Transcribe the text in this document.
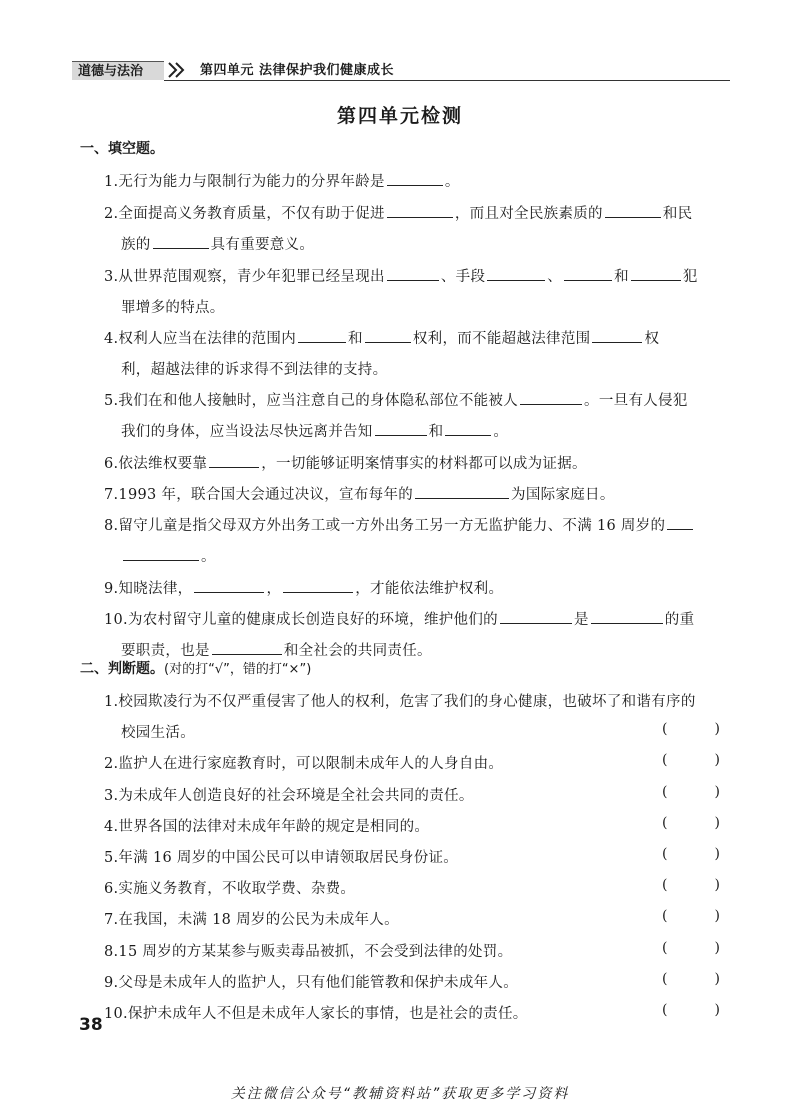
道德与法治	第四单元 法律保护我们健康成长
第四单元检测
一、填空题。
1.无行为能力与限制行为能力的分界年龄是	。
2.全面提高义务教育质量，不仅有助于促进	，而且对全民族素质的	和民
族的	具有重要意义。
3.从世界范围观察，青少年犯罪已经呈现出	、手段	、	和	犯
罪增多的特点。
4.权利人应当在法律的范围内	和	权利，而不能超越法律范围	权
利，超越法律的诉求得不到法律的支持。
5.我们在和他人接触时，应当注意自己的身体隐私部位不能被人	。一旦有人侵犯
我们的身体，应当设法尽快远离并告知	和	。
6.依法维权要靠	，一切能够证明案情事实的材料都可以成为证据。
7.1993 年，联合国大会通过决议，宣布每年的	为国际家庭日。
8.留守儿童是指父母双方外出务工或一方外出务工另一方无监护能力、不满 16 周岁的
。
9.知晓法律，	，	，才能依法维护权利。
10.为农村留守儿童的健康成长创造良好的环境，维护他们的	是	的重
要职责，也是	和全社会的共同责任。
二、判断题。(对的打“√”，错的打“×”)
1.校园欺凌行为不仅严重侵害了他人的权利，危害了我们的身心健康，也破坏了和谐有序的
校园生活。	(	)
2.监护人在进行家庭教育时，可以限制未成年人的人身自由。	(	)
3.为未成年人创造良好的社会环境是全社会共同的责任。	(	)
4.世界各国的法律对未成年年龄的规定是相同的。	(	)
5.年满 16 周岁的中国公民可以申请领取居民身份证。	(	)
6.实施义务教育，不收取学费、杂费。	(	)
7.在我国，未满 18 周岁的公民为未成年人。	(	)
8.15 周岁的方某某参与贩卖毒品被抓，不会受到法律的处罚。	(	)
9.父母是未成年人的监护人，只有他们能管教和保护未成年人。	(	)
10.保护未成年人不但是未成年人家长的事情，也是社会的责任。	(	)
38
关注微信公众号“教辅资料站”获取更多学习资料
